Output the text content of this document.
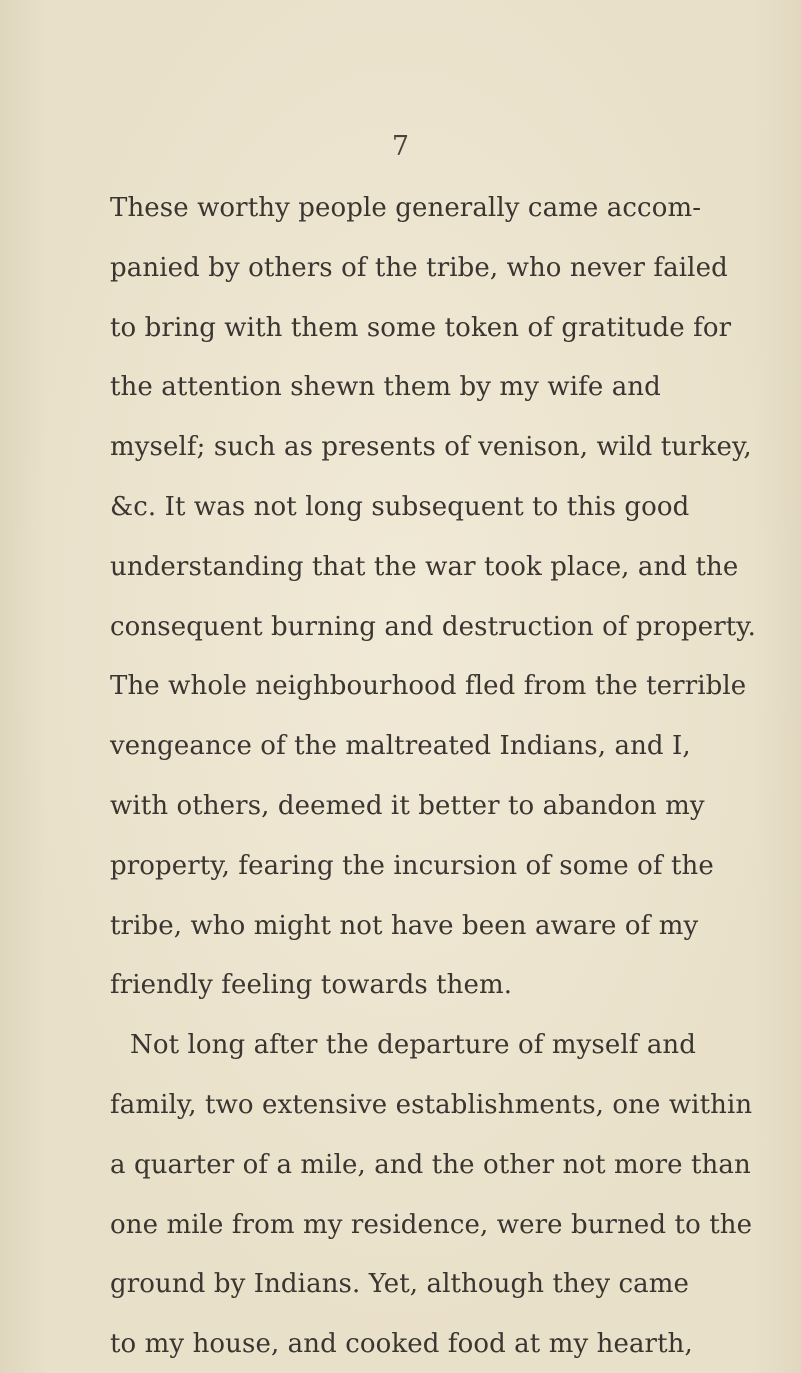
7
These worthy people generally came accom-
panied by others of the tribe, who never failed
to bring with them some token of gratitude for
the attention shewn them by my wife and
myself; such as presents of venison, wild turkey,
&c. It was not long subsequent to this good
understanding that the war took place, and the
consequent burning and destruction of property.
The whole neighbourhood fled from the terrible
vengeance of the maltreated Indians, and I,
with others, deemed it better to abandon my
property, fearing the incursion of some of the
tribe, who might not have been aware of my
friendly feeling towards them.
Not long after the departure of myself and
family, two extensive establishments, one within
a quarter of a mile, and the other not more than
one mile from my residence, were burned to the
ground by Indians. Yet, although they came
to my house, and cooked food at my hearth,
